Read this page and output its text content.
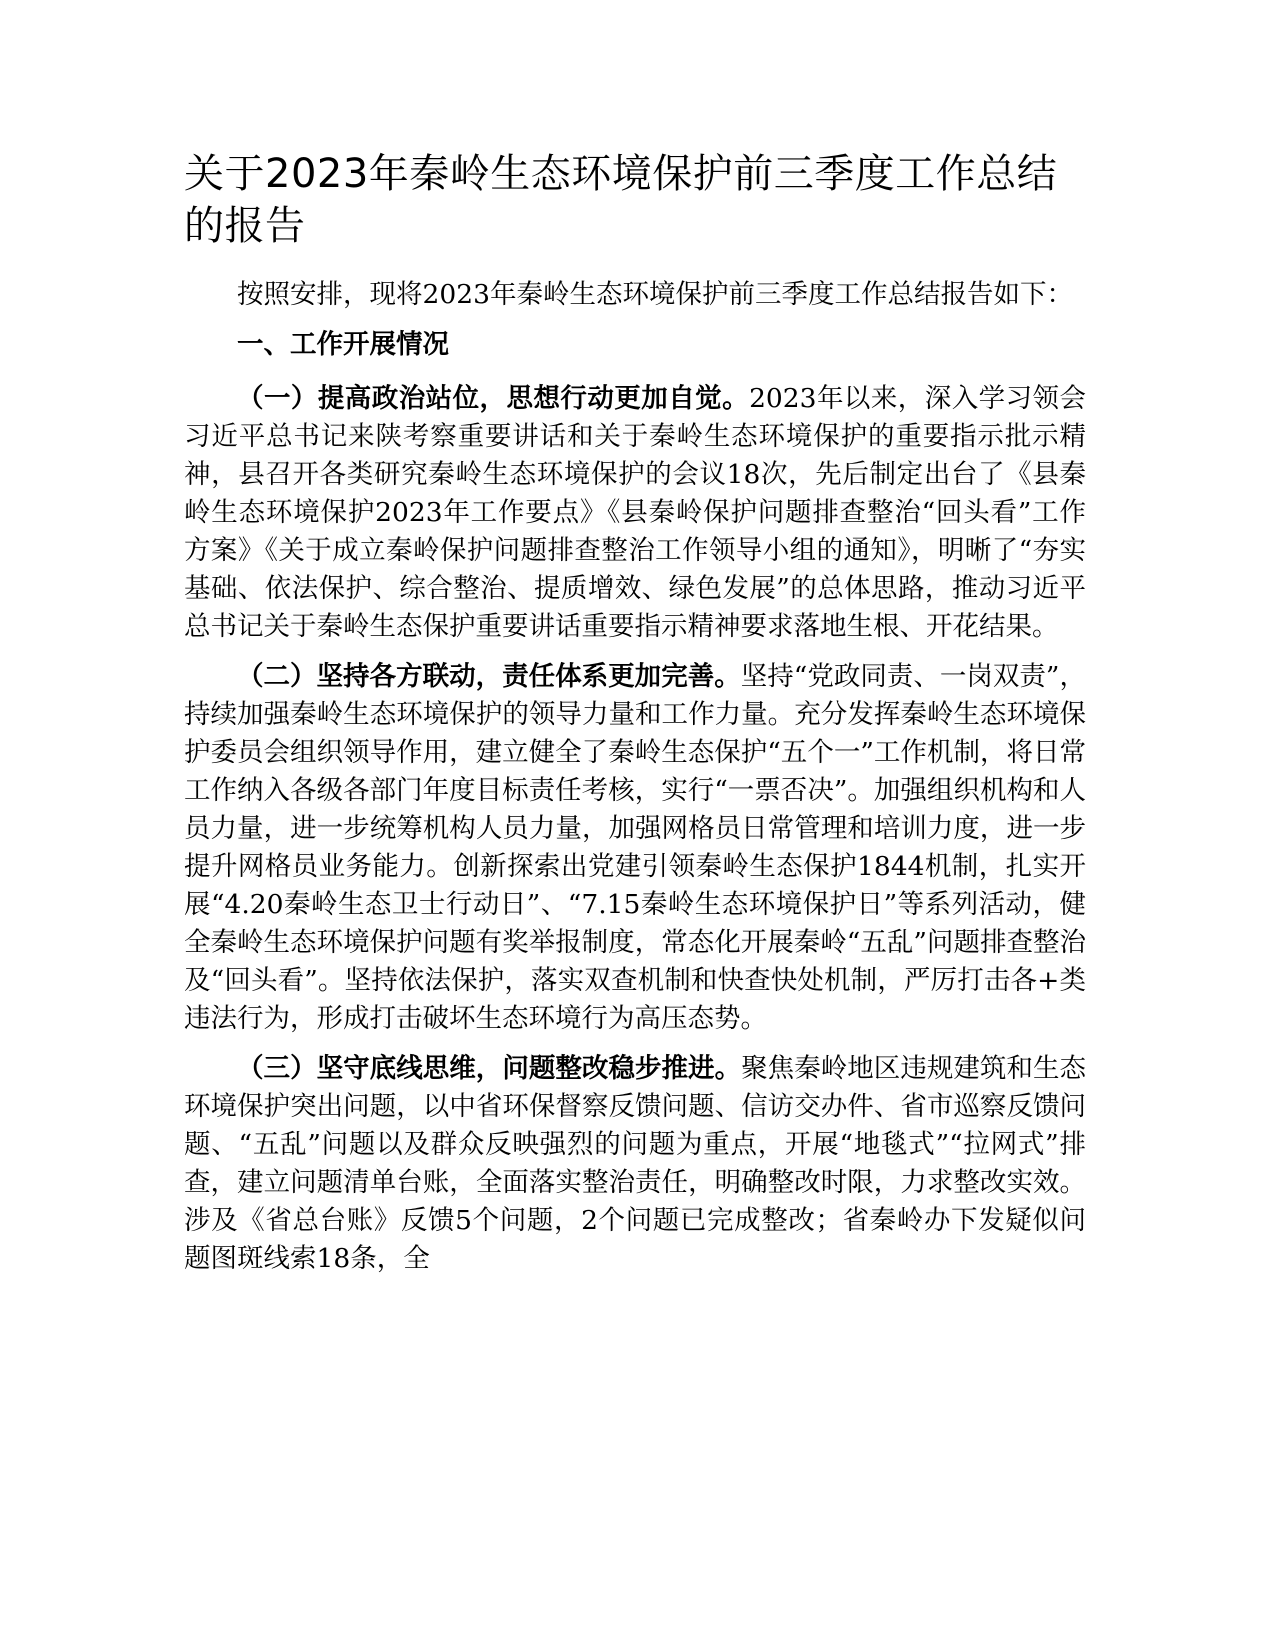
关于2023年秦岭生态环境保护前三季度工作总结的报告

按照安排，现将2023年秦岭生态环境保护前三季度工作总结报告如下：

一、工作开展情况

（一）提高政治站位，思想行动更加自觉。2023年以来，深入学习领会习近平总书记来陕考察重要讲话和关于秦岭生态环境保护的重要指示批示精神，县召开各类研究秦岭生态环境保护的会议18次，先后制定出台了《县秦岭生态环境保护2023年工作要点》《县秦岭保护问题排查整治“回头看”工作方案》《关于成立秦岭保护问题排查整治工作领导小组的通知》，明晰了“夯实基础、依法保护、综合整治、提质增效、绿色发展”的总体思路，推动习近平总书记关于秦岭生态保护重要讲话重要指示精神要求落地生根、开花结果。

（二）坚持各方联动，责任体系更加完善。坚持“党政同责、一岗双责”，持续加强秦岭生态环境保护的领导力量和工作力量。充分发挥秦岭生态环境保护委员会组织领导作用，建立健全了秦岭生态保护“五个一”工作机制，将日常工作纳入各级各部门年度目标责任考核，实行“一票否决”。加强组织机构和人员力量，进一步统筹机构人员力量，加强网格员日常管理和培训力度，进一步提升网格员业务能力。创新探索出党建引领秦岭生态保护1844机制，扎实开展“4.20秦岭生态卫士行动日”、“7.15秦岭生态环境保护日”等系列活动，健全秦岭生态环境保护问题有奖举报制度，常态化开展秦岭“五乱”问题排查整治及“回头看”。坚持依法保护，落实双查机制和快查快处机制，严厉打击各+类违法行为，形成打击破坏生态环境行为高压态势。

（三）坚守底线思维，问题整改稳步推进。聚焦秦岭地区违规建筑和生态环境保护突出问题，以中省环保督察反馈问题、信访交办件、省市巡察反馈问题、“五乱”问题以及群众反映强烈的问题为重点，开展“地毯式”“拉网式”排查，建立问题清单台账，全面落实整治责任，明确整改时限，力求整改实效。涉及《省总台账》反馈5个问题，2个问题已完成整改；省秦岭办下发疑似问题图斑线索18条，全
